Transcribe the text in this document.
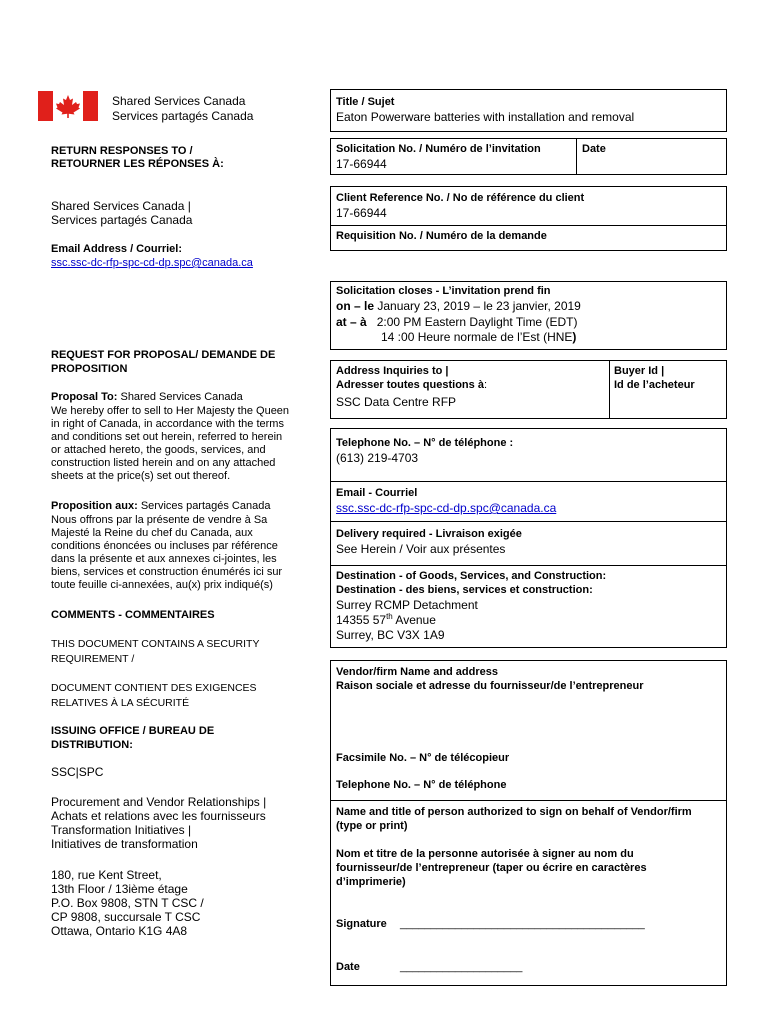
Shared Services Canada
Services partagés Canada
RETURN RESPONSES TO /
RETOURNER LES RÉPONSES À:
Shared Services Canada |
Services partagés Canada
Email Address / Courriel:
ssc.ssc-dc-rfp-spc-cd-dp.spc@canada.ca
REQUEST FOR PROPOSAL/ DEMANDE DE
PROPOSITION
Proposal To: Shared Services Canada
We hereby offer to sell to Her Majesty the Queen
in right of Canada, in accordance with the terms
and conditions set out herein, referred to herein
or attached hereto, the goods, services, and
construction listed herein and on any attached
sheets at the price(s) set out thereof.
Proposition aux: Services partagés Canada
Nous offrons par la présente de vendre à Sa
Majesté la Reine du chef du Canada, aux
conditions énoncées ou incluses par référence
dans la présente et aux annexes ci-jointes, les
biens, services et construction énumérés ici sur
toute feuille ci-annexées, au(x) prix indiqué(s)
COMMENTS - COMMENTAIRES
THIS DOCUMENT CONTAINS A SECURITY
REQUIREMENT /
DOCUMENT CONTIENT DES EXIGENCES
RELATIVES À LA SÉCURITÉ
ISSUING OFFICE / BUREAU DE
DISTRIBUTION:
SSC|SPC
Procurement and Vendor Relationships |
Achats et relations avec les fournisseurs
Transformation Initiatives |
Initiatives de transformation
180, rue Kent Street,
13th Floor / 13ième étage
P.O. Box 9808, STN T CSC /
CP 9808, succursale T CSC
Ottawa, Ontario K1G 4A8
Title / Sujet
Eaton Powerware batteries with installation and removal
Solicitation No. / Numéro de l’invitation
17-66944
Date
Client Reference No. / No de référence du client
17-66944
Requisition No. / Numéro de la demande
Solicitation closes - L’invitation prend fin
on – le January 23, 2019 – le 23 janvier, 2019
at – à 2:00 PM Eastern Daylight Time (EDT)
14 :00 Heure normale de l’Est (HNE)
Address Inquiries to |
Adresser toutes questions à:
SSC Data Centre RFP
Buyer Id |
Id de l’acheteur
Telephone No. – N° de téléphone :
(613) 219-4703
Email - Courriel
ssc.ssc-dc-rfp-spc-cd-dp.spc@canada.ca
Delivery required - Livraison exigée
See Herein / Voir aux présentes
Destination - of Goods, Services, and Construction:
Destination - des biens, services et construction:
Surrey RCMP Detachment
14355 57th Avenue
Surrey, BC V3X 1A9
Vendor/firm Name and address
Raison sociale et adresse du fournisseur/de l’entrepreneur
Facsimile No. – N° de télécopieur
Telephone No. – N° de téléphone
Name and title of person authorized to sign on behalf of Vendor/firm
(type or print)
Nom et titre de la personne autorisée à signer au nom du
fournisseur/de l’entrepreneur (taper ou écrire en caractères
d’imprimerie)
Signature ________________________________________
Date	____________________
